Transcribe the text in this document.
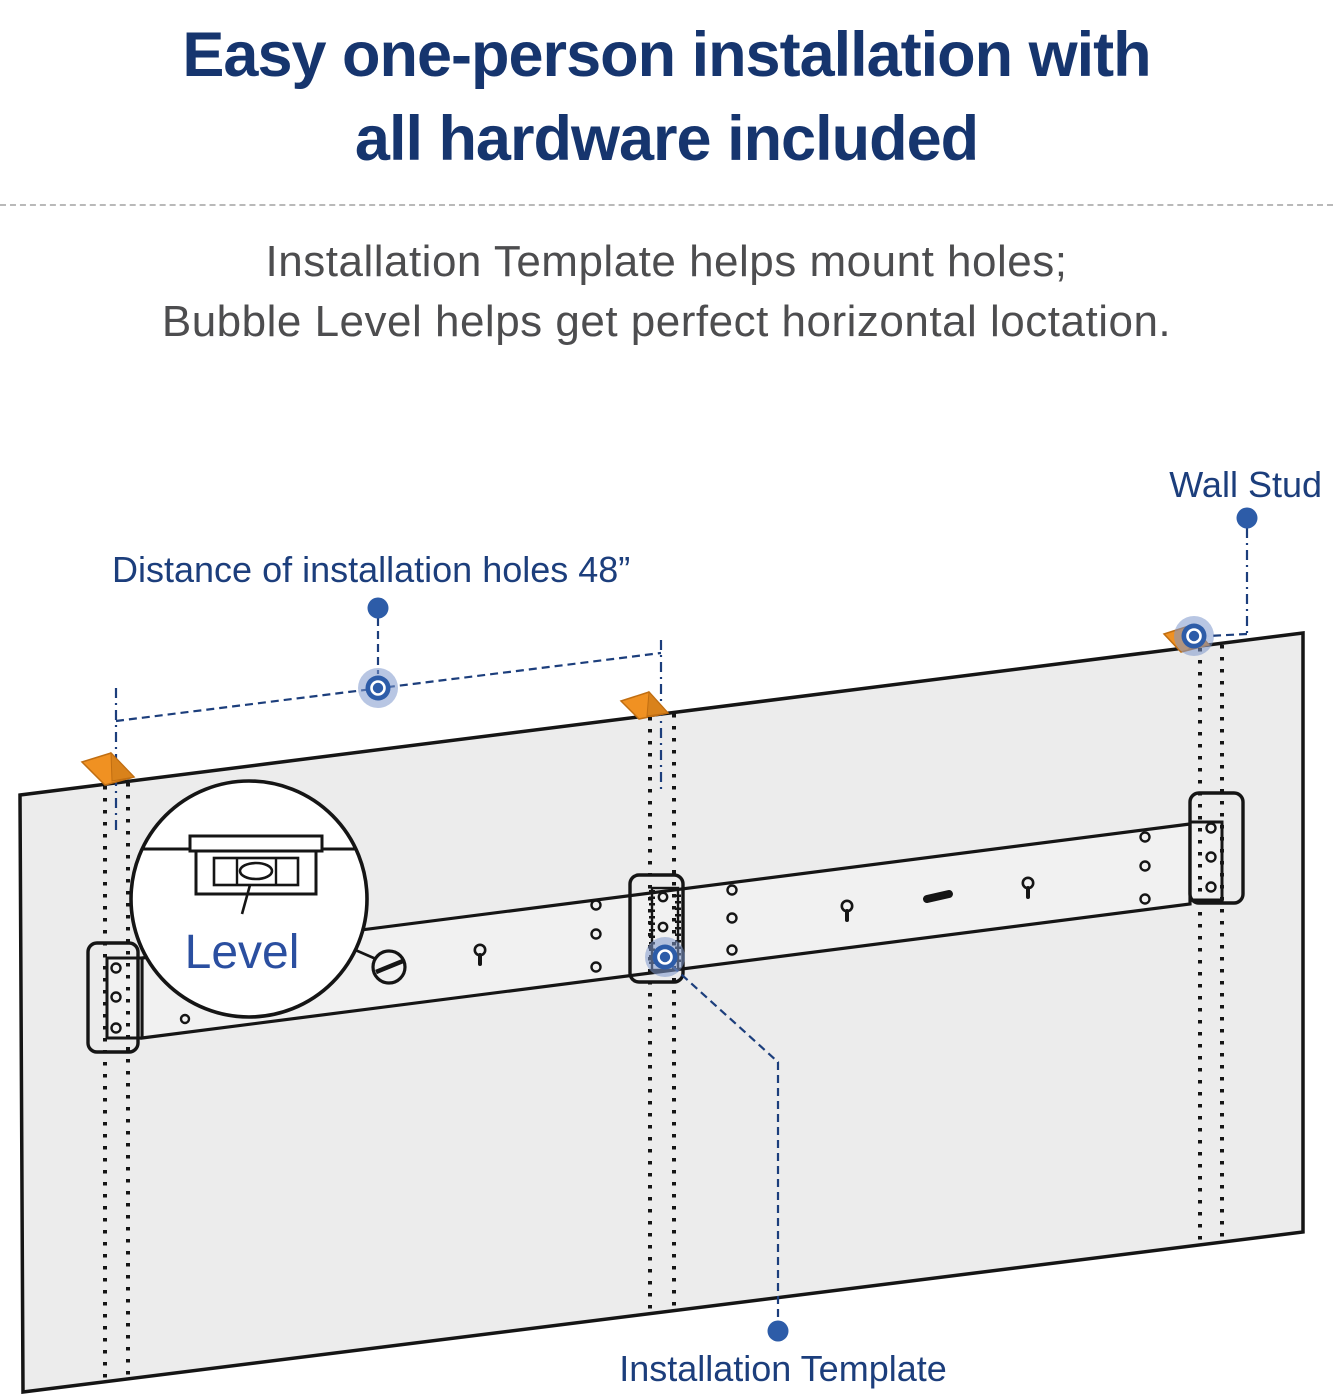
Easy one-person installation with
all hardware included
Installation Template helps mount holes;
Bubble Level helps get perfect horizontal loctation.
Level
Distance of installation holes 48”
Wall Stud
Installation Template
